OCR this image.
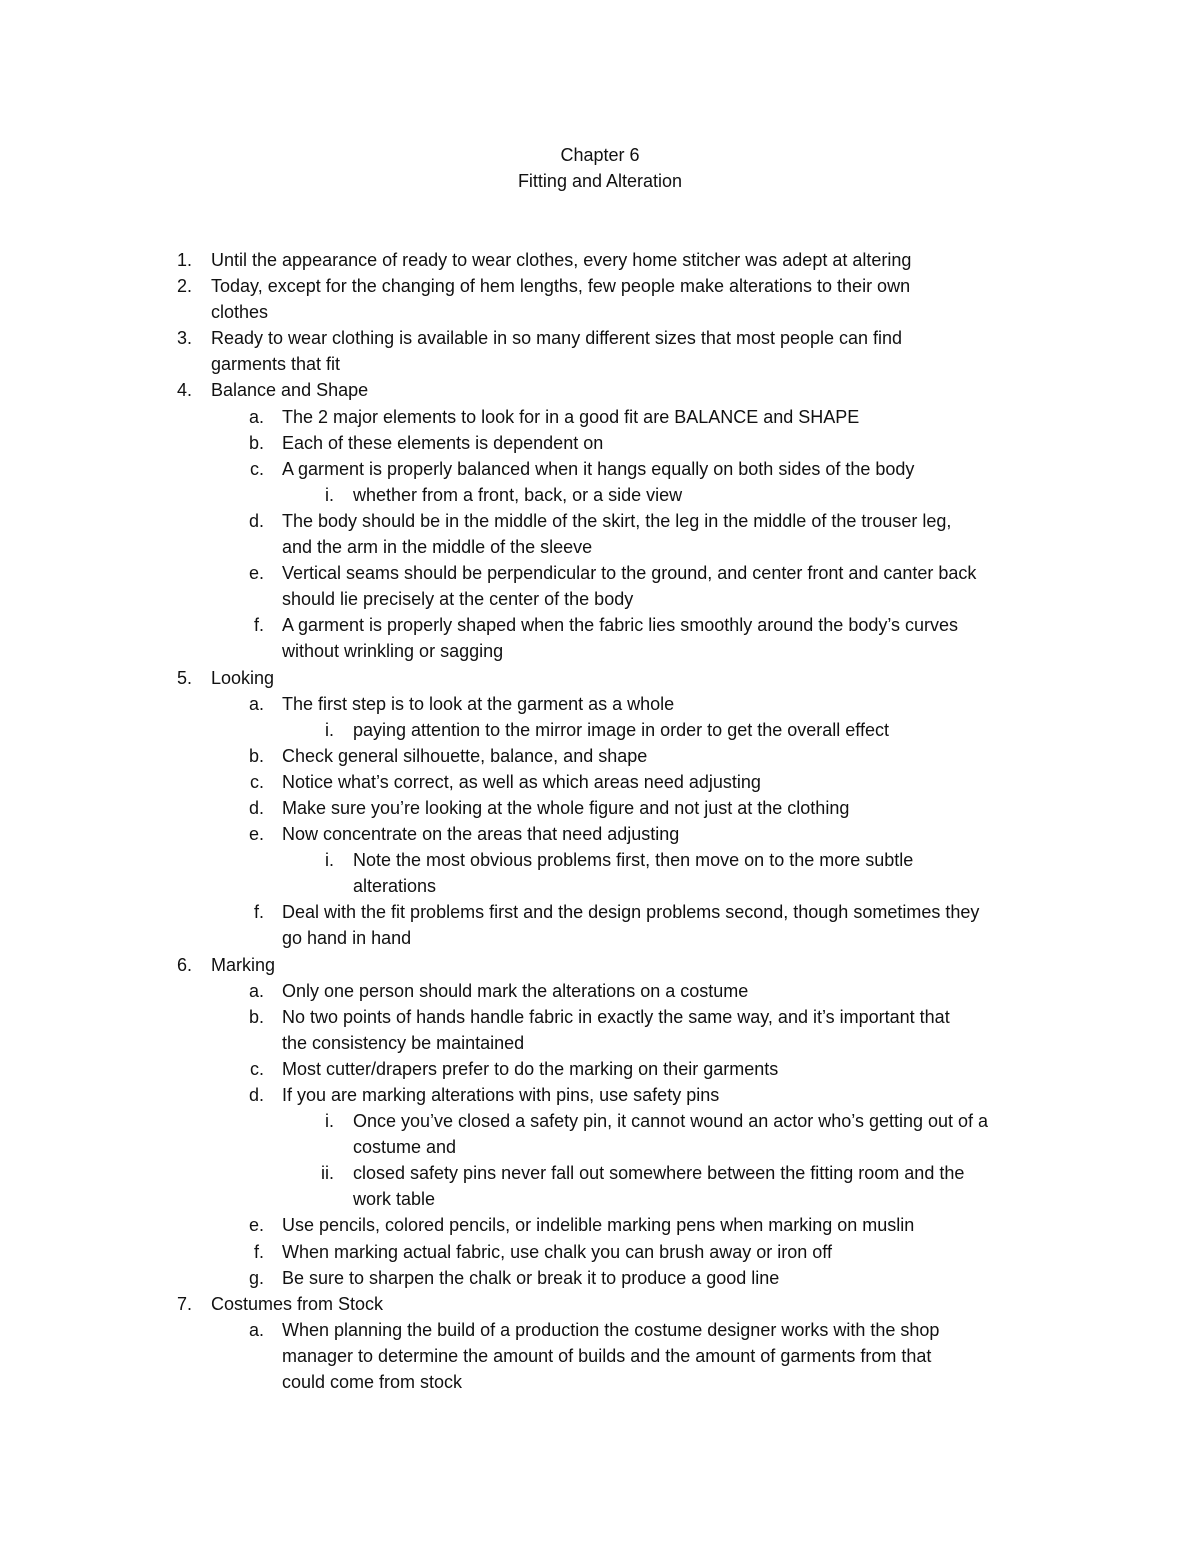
Chapter 6
Fitting and Alteration
1. Until the appearance of ready to wear clothes, every home stitcher was adept at altering
2. Today, except for the changing of hem lengths, few people make alterations to their own
clothes
3. Ready to wear clothing is available in so many different sizes that most people can find
garments that fit
4. Balance and Shape
a. The 2 major elements to look for in a good fit are BALANCE and SHAPE
b. Each of these elements is dependent on
c. A garment is properly balanced when it hangs equally on both sides of the body
i. whether from a front, back, or a side view
d. The body should be in the middle of the skirt, the leg in the middle of the trouser leg,
and the arm in the middle of the sleeve
e. Vertical seams should be perpendicular to the ground, and center front and canter back
should lie precisely at the center of the body
f. A garment is properly shaped when the fabric lies smoothly around the body’s curves
without wrinkling or sagging
5. Looking
a. The first step is to look at the garment as a whole
i. paying attention to the mirror image in order to get the overall effect
b. Check general silhouette, balance, and shape
c. Notice what’s correct, as well as which areas need adjusting
d. Make sure you’re looking at the whole figure and not just at the clothing
e. Now concentrate on the areas that need adjusting
i. Note the most obvious problems first, then move on to the more subtle
alterations
f. Deal with the fit problems first and the design problems second, though sometimes they
go hand in hand
6. Marking
a. Only one person should mark the alterations on a costume
b. No two points of hands handle fabric in exactly the same way, and it’s important that
the consistency be maintained
c. Most cutter/drapers prefer to do the marking on their garments
d. If you are marking alterations with pins, use safety pins
i. Once you’ve closed a safety pin, it cannot wound an actor who’s getting out of a
costume and
ii. closed safety pins never fall out somewhere between the fitting room and the
work table
e. Use pencils, colored pencils, or indelible marking pens when marking on muslin
f. When marking actual fabric, use chalk you can brush away or iron off
g. Be sure to sharpen the chalk or break it to produce a good line
7. Costumes from Stock
a. When planning the build of a production the costume designer works with the shop
manager to determine the amount of builds and the amount of garments from that
could come from stock
